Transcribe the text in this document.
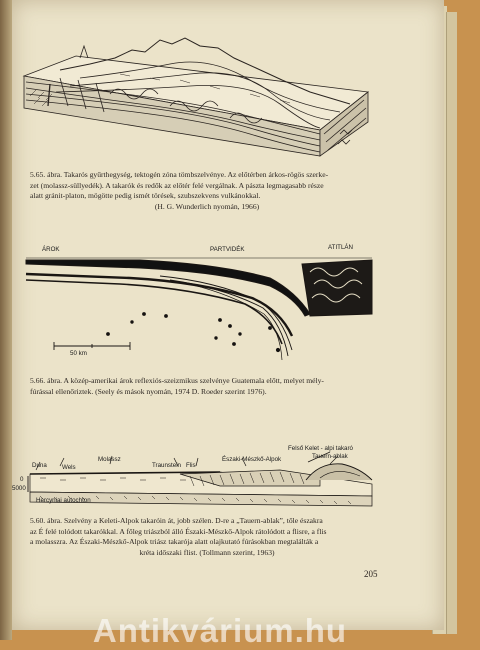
5.65. ábra. Takarós gyűrthegység, tektogén zóna tömbszelvénye. Az előtérben árkos-rögös szerke-
zet (molassz-süllyedék). A takarók és redők az előtér felé vergálnak. A pászta legmagasabb része
alatt gránit-platon, mögötte pedig ismét törések, szubszekvens vulkánokkal.
(H. G. Wunderlich nyomán, 1966)
ÁROK	PARTVIDÉK	ATITLÁN
50 km
5.66. ábra. A közép-amerikai árok reflexiós-szeizmikus szelvénye Guatemala előtt, melyet mély-
fúrással ellenőriztek. (Seely és mások nyomán, 1974 D. Roeder szerint 1976).
Felső Kelet - alpi takaró
Tauern-ablak
Molassz	Északi-Mészkő-Alpok
Duna Wels	Traunstein Flis
0
5000
Hercyniai autochton
5.60. ábra. Szelvény a Keleti-Alpok takaróin át, jobb szélen. D-re a „Tauern-ablak”, tőle északra
az É felé tolódott takarókkal. A főleg triászból álló Északi-Mészkő-Alpok rátolódott a flisre, a flis
a molasszra. Az Északi-Mészkő-Alpok triász takarója alatt olajkutató fúrásokban megtalálták a
kréta időszaki flist. (Tollmann szerint, 1963)
205
Antikvárium.hu
